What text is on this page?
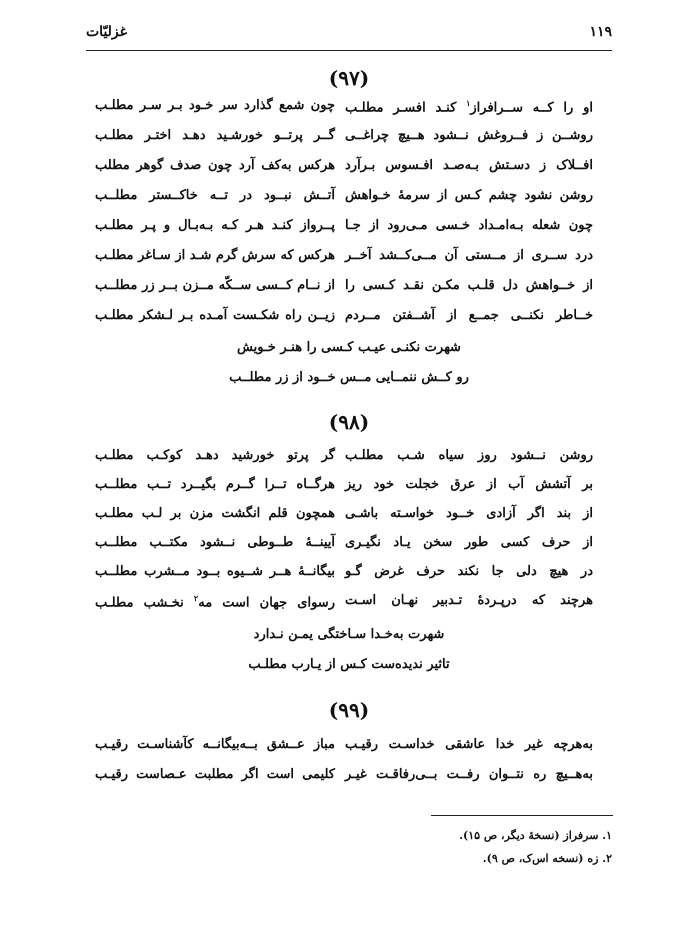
۱۱۹
غزلیّات
(۹۷)
او را کــه ســرافراز$^۱$ کنـد افسـر مطلـب
چون شمع گذارد سر خـود بـر سـر مطلـب
روشــن ز فــروغش نــشود هــیچ چراغــی
گــر پرتــو خورشـید دهـد اختـر مطلـب
افــلاک ز دسـتش بـه‌صـد افـسوس بـرآرد
هرکس به‌کف آرد چون صدف گوهر مطلب
روشن نشود چشم کـس از سرمهٔ خـواهش
آتــش نبــود در تــه خاکــستر مطلــب
چون شعله بـه‌امـداد خـسی مـی‌رود از جـا
پــرواز کنـد هـر کـه بـه‌بـال و پـر مطلـب
درد ســری از مــستی آن مــی‌کــشد آخــر
هرکس که سرش گرم شـد از سـاغر مطلـب
از خــواهش دل قلـب مکـن نقـد کـسی را
از نــام کــسی ســکّه مــزن بــر زر مطلــب
خــاطر نکنــی جمــع از آشــفتن مــردم
زیــن راه شکـست آمـده بـر لـشکر مطلـب
شهرت نکنـی عیـب کـسی را هنـر خـویش
رو کــش ننمــایی مــس خــود از زر مطلــب
(۹۸)
روشن نــشود روز سیاه شـب مطلـب
گر پرتو خورشید دهـد کوکـب مطلـب
بر آتشش آب از عرق خجلت خود ریز
هرگــاه تــرا گــرم بگیــرد تــب مطلــب
از بند اگر آزادی خــود خواسـته باشـی
همچون قلم انگشت مزن بر لـب مطلـب
از حرف کسی طور سخن یـاد نگیـری
آیینــهٔ طــوطی نــشود مکتــب مطلــب
در هیچ دلی جا نکند حرف غرض گـو
بیگانــهٔ هــر شــیوه بــود مــشرب مطلــب
هرچند که درپـردهٔ تـدبیر نهـان اسـت
رسوای جهان است مه$^۲$ نخـشب مطلـب
شهرت به‌خـدا سـاختگی یمـن نـدارد
تاثیر ندیده‌ست کـس از یـارب مطلـب
(۹۹)
به‌هرچه غیر خدا عاشقی خداسـت رقیـب
مباز عــشق بــه‌بیگانــه کآشناسـت رقیـب
به‌هــیچ ره نتــوان رفــت بــی‌رفاقـت غیـر
کلیمی است اگر مطلبت عـصاست رقیـب
۱. سرفراز (نسخهٔ دیگر، ص ۱۵).
۲. زه (نسخه اس‌ک، ص ۹).
